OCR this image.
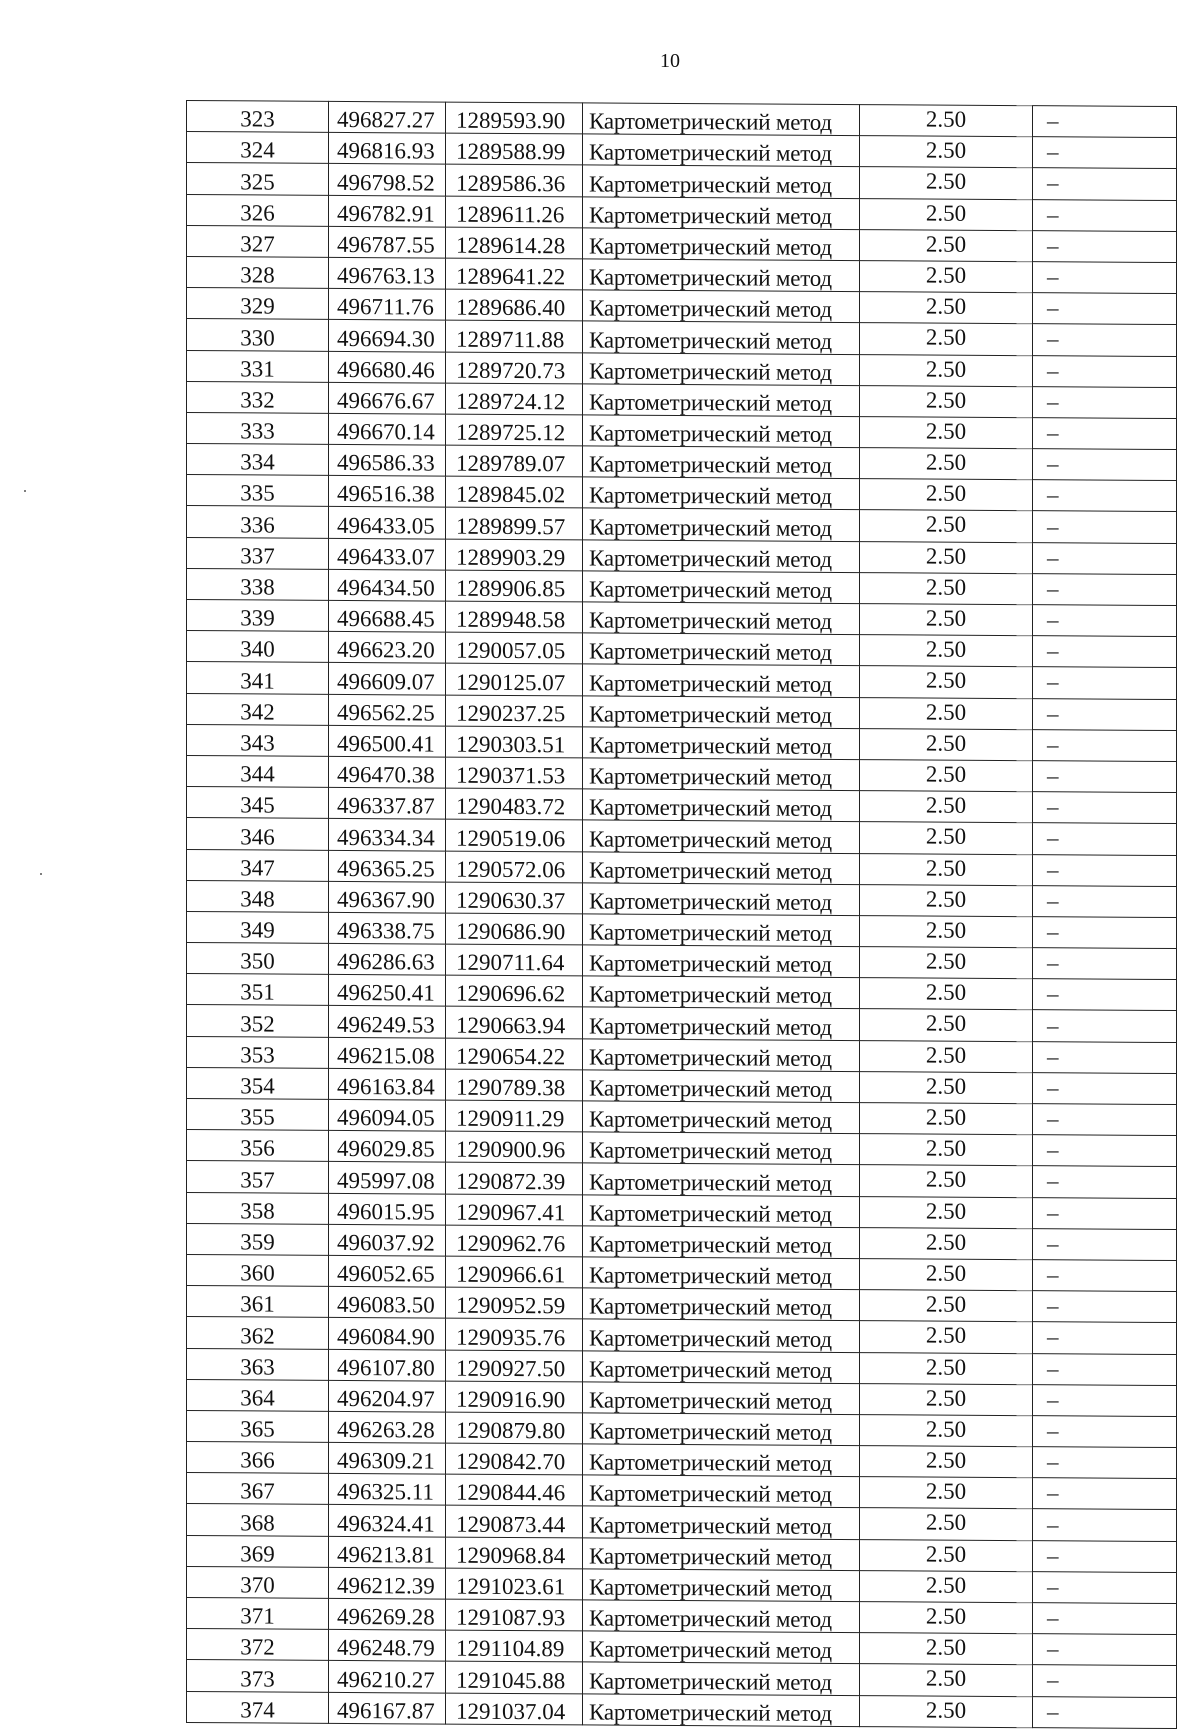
10
323	496827.27	1289593.90	Картометрический метод	2.50	–
324	496816.93	1289588.99	Картометрический метод	2.50	–
325	496798.52	1289586.36	Картометрический метод	2.50	–
326	496782.91	1289611.26	Картометрический метод	2.50	–
327	496787.55	1289614.28	Картометрический метод	2.50	–
328	496763.13	1289641.22	Картометрический метод	2.50	–
329	496711.76	1289686.40	Картометрический метод	2.50	–
330	496694.30	1289711.88	Картометрический метод	2.50	–
331	496680.46	1289720.73	Картометрический метод	2.50	–
332	496676.67	1289724.12	Картометрический метод	2.50	–
333	496670.14	1289725.12	Картометрический метод	2.50	–
334	496586.33	1289789.07	Картометрический метод	2.50	–
335	496516.38	1289845.02	Картометрический метод	2.50	–
336	496433.05	1289899.57	Картометрический метод	2.50	–
337	496433.07	1289903.29	Картометрический метод	2.50	–
338	496434.50	1289906.85	Картометрический метод	2.50	–
339	496688.45	1289948.58	Картометрический метод	2.50	–
340	496623.20	1290057.05	Картометрический метод	2.50	–
341	496609.07	1290125.07	Картометрический метод	2.50	–
342	496562.25	1290237.25	Картометрический метод	2.50	–
343	496500.41	1290303.51	Картометрический метод	2.50	–
344	496470.38	1290371.53	Картометрический метод	2.50	–
345	496337.87	1290483.72	Картометрический метод	2.50	–
346	496334.34	1290519.06	Картометрический метод	2.50	–
347	496365.25	1290572.06	Картометрический метод	2.50	–
348	496367.90	1290630.37	Картометрический метод	2.50	–
349	496338.75	1290686.90	Картометрический метод	2.50	–
350	496286.63	1290711.64	Картометрический метод	2.50	–
351	496250.41	1290696.62	Картометрический метод	2.50	–
352	496249.53	1290663.94	Картометрический метод	2.50	–
353	496215.08	1290654.22	Картометрический метод	2.50	–
354	496163.84	1290789.38	Картометрический метод	2.50	–
355	496094.05	1290911.29	Картометрический метод	2.50	–
356	496029.85	1290900.96	Картометрический метод	2.50	–
357	495997.08	1290872.39	Картометрический метод	2.50	–
358	496015.95	1290967.41	Картометрический метод	2.50	–
359	496037.92	1290962.76	Картометрический метод	2.50	–
360	496052.65	1290966.61	Картометрический метод	2.50	–
361	496083.50	1290952.59	Картометрический метод	2.50	–
362	496084.90	1290935.76	Картометрический метод	2.50	–
363	496107.80	1290927.50	Картометрический метод	2.50	–
364	496204.97	1290916.90	Картометрический метод	2.50	–
365	496263.28	1290879.80	Картометрический метод	2.50	–
366	496309.21	1290842.70	Картометрический метод	2.50	–
367	496325.11	1290844.46	Картометрический метод	2.50	–
368	496324.41	1290873.44	Картометрический метод	2.50	–
369	496213.81	1290968.84	Картометрический метод	2.50	–
370	496212.39	1291023.61	Картометрический метод	2.50	–
371	496269.28	1291087.93	Картометрический метод	2.50	–
372	496248.79	1291104.89	Картометрический метод	2.50	–
373	496210.27	1291045.88	Картометрический метод	2.50	–
374	496167.87	1291037.04	Картометрический метод	2.50	–
